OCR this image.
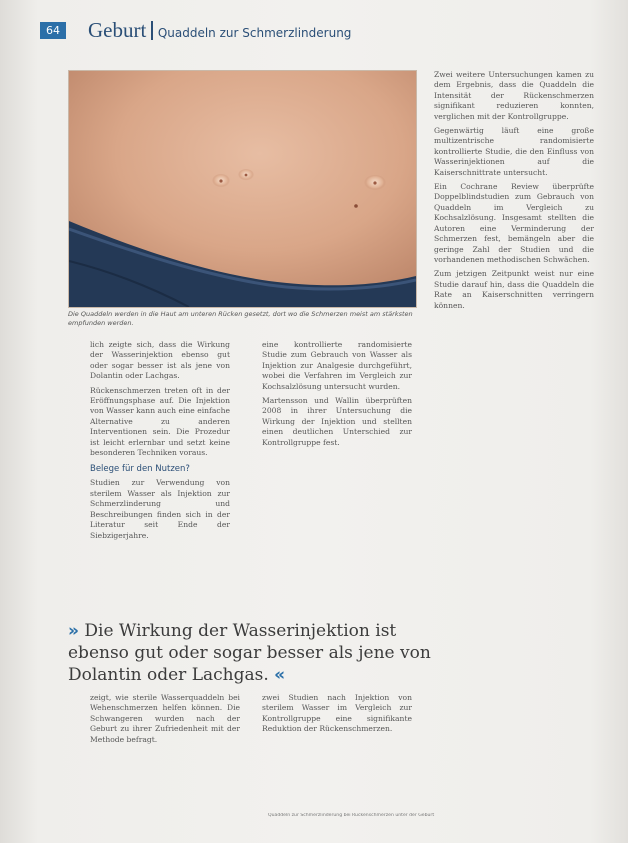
64 Geburt Quaddeln zur Schmerzlinderung
Die Quaddeln werden in die Haut am unteren Rücken gesetzt, dort wo die Schmerzen meist am stärksten empfunden werden.

lich zeigte sich, dass die Wirkung der Wasserinjektion ebenso gut oder sogar besser ist als jene von Dolantin oder Lachgas.

Rückenschmerzen treten oft in der Eröffnungsphase auf. Die Injektion von Wasser kann auch eine einfache Alternative zu anderen Interventionen sein. Die Prozedur ist leicht erlernbar und setzt keine besonderen Techniken voraus.

Belege für den Nutzen?

Studien zur Verwendung von sterilem Wasser als Injektion zur Schmerzlinderung und Beschreibungen finden sich in der Literatur seit Ende der Siebzigerjahre.

eine kontrollierte randomisierte Studie zum Gebrauch von Wasser als Injektion zur Analgesie durchgeführt, wobei die Verfahren im Vergleich zur Kochsalzlösung untersucht wurden.

Martensson und Wallin überprüften 2008 in ihrer Untersuchung die Wirkung der Injektion und stellten einen deutlichen Unterschied zur Kontrollgruppe fest.

Zwei weitere Untersuchungen kamen zu dem Ergebnis, dass die Quaddeln die Intensität der Rückenschmerzen signifikant reduzieren konnten, verglichen mit der Kontrollgruppe.

Gegenwärtig läuft eine große multizentrische randomisierte kontrollierte Studie, die den Einfluss von Wasserinjektionen auf die Kaiserschnittrate untersucht.

Ein Cochrane Review überprüfte Doppelblindstudien zum Gebrauch von Quaddeln im Vergleich zu Kochsalzlösung. Insgesamt stellten die Autoren eine Verminderung der Schmerzen fest, bemängeln aber die geringe Zahl der Studien und die vorhandenen methodischen Schwächen.

Zum jetzigen Zeitpunkt weist nur eine Studie darauf hin, dass die Quaddeln die Rate an Kaiserschnitten verringern können.

» Die Wirkung der Wasserinjektion ist ebenso gut oder sogar besser als jene von Dolantin oder Lachgas. «

zeigt, wie sterile Wasserquaddeln bei Wehenschmerzen helfen können. Die Schwangeren wurden nach der Geburt zu ihrer Zufriedenheit mit der Methode befragt.

zwei Studien nach Injektion von sterilem Wasser im Vergleich zur Kontrollgruppe eine signifikante Reduktion der Rückenschmerzen.

Quaddeln zur Schmerzlinderung bei Rückenschmerzen unter der Geburt
